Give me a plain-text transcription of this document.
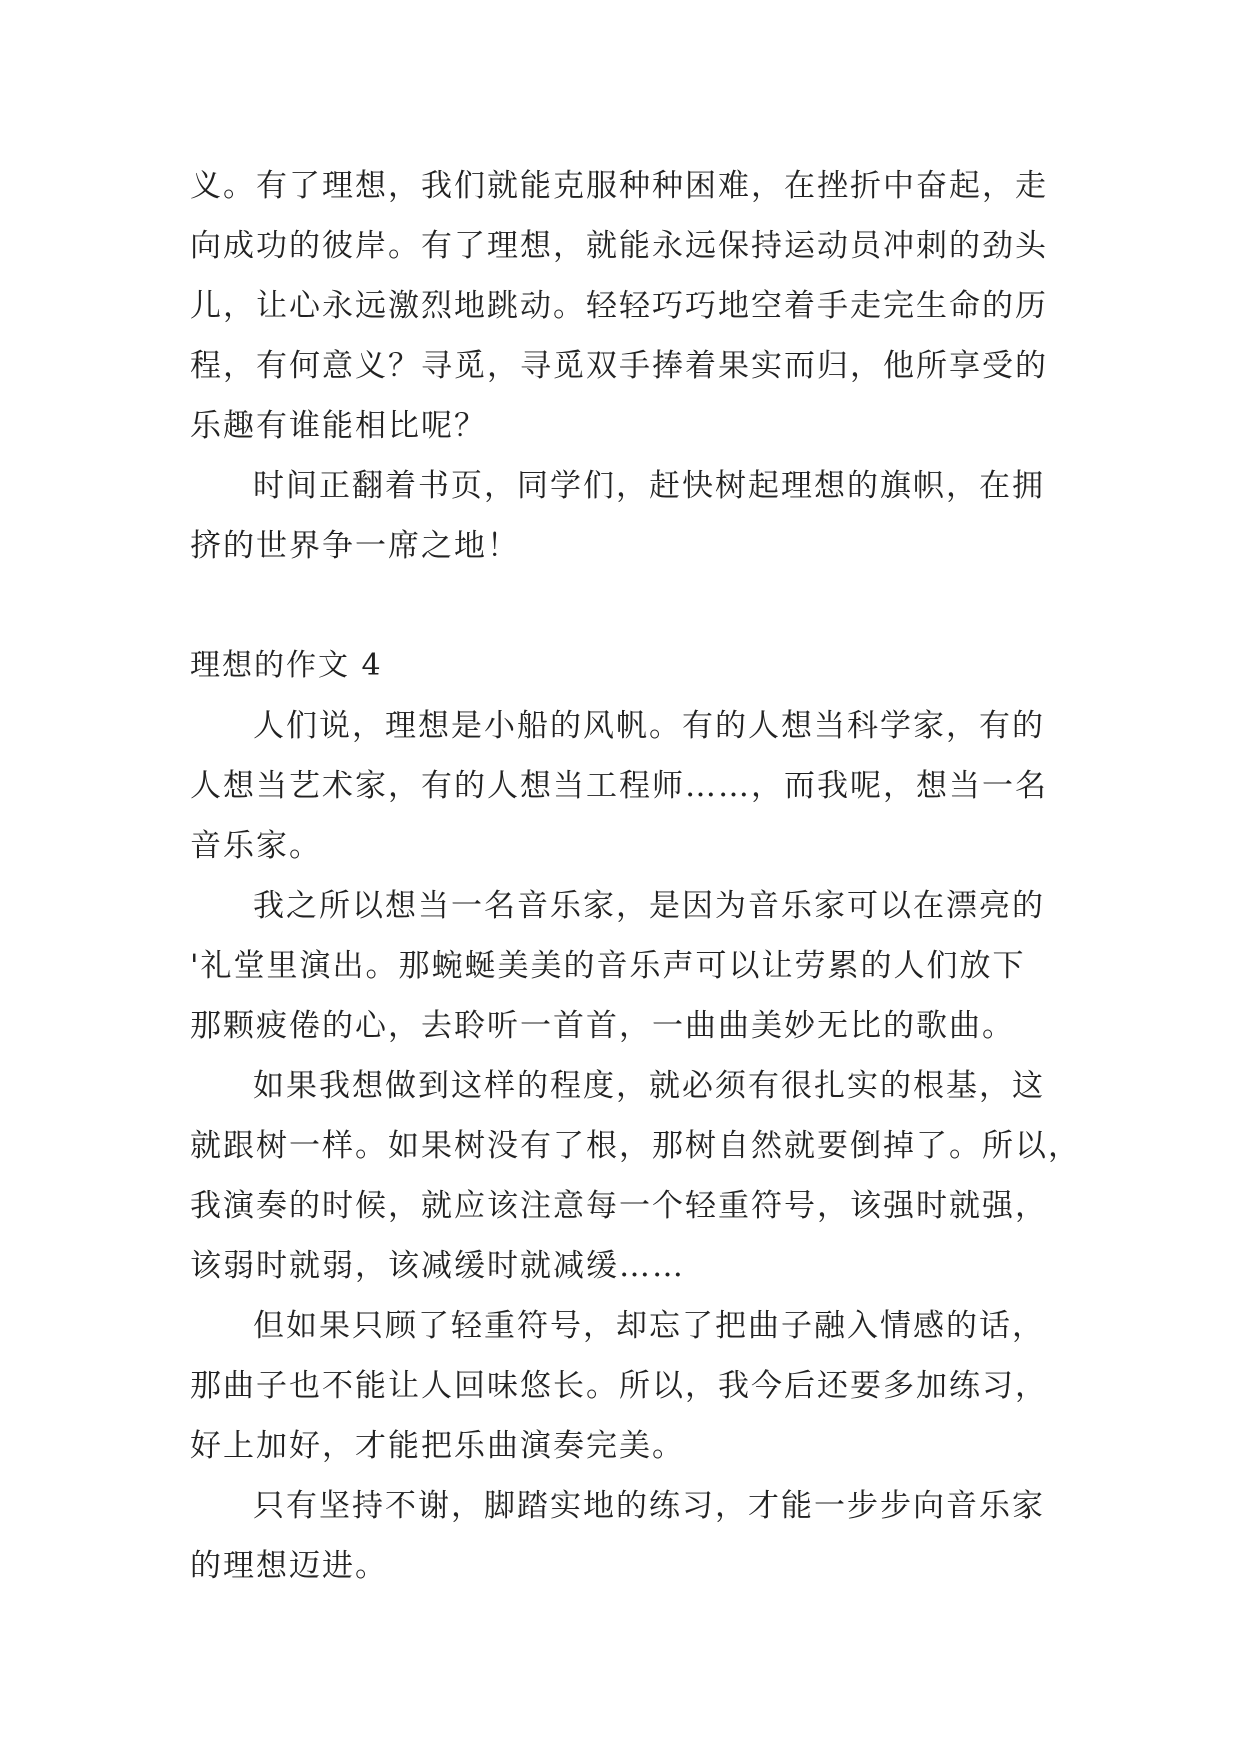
义。有了理想，我们就能克服种种困难，在挫折中奋起，走
向成功的彼岸。有了理想，就能永远保持运动员冲刺的劲头
儿，让心永远激烈地跳动。轻轻巧巧地空着手走完生命的历
程，有何意义？寻觅，寻觅双手捧着果实而归，他所享受的
乐趣有谁能相比呢？
时间正翻着书页，同学们，赶快树起理想的旗帜，在拥
挤的世界争一席之地！
理想的作文 4
人们说，理想是小船的风帆。有的人想当科学家，有的
人想当艺术家，有的人想当工程师……，而我呢，想当一名
音乐家。
我之所以想当一名音乐家，是因为音乐家可以在漂亮的
'礼堂里演出。那蜿蜒美美的音乐声可以让劳累的人们放下
那颗疲倦的心，去聆听一首首，一曲曲美妙无比的歌曲。
如果我想做到这样的程度，就必须有很扎实的根基，这
就跟树一样。如果树没有了根，那树自然就要倒掉了。所以，
我演奏的时候，就应该注意每一个轻重符号，该强时就强，
该弱时就弱，该减缓时就减缓……
但如果只顾了轻重符号，却忘了把曲子融入情感的话，
那曲子也不能让人回味悠长。所以，我今后还要多加练习，
好上加好，才能把乐曲演奏完美。
只有坚持不谢，脚踏实地的练习，才能一步步向音乐家
的理想迈进。
